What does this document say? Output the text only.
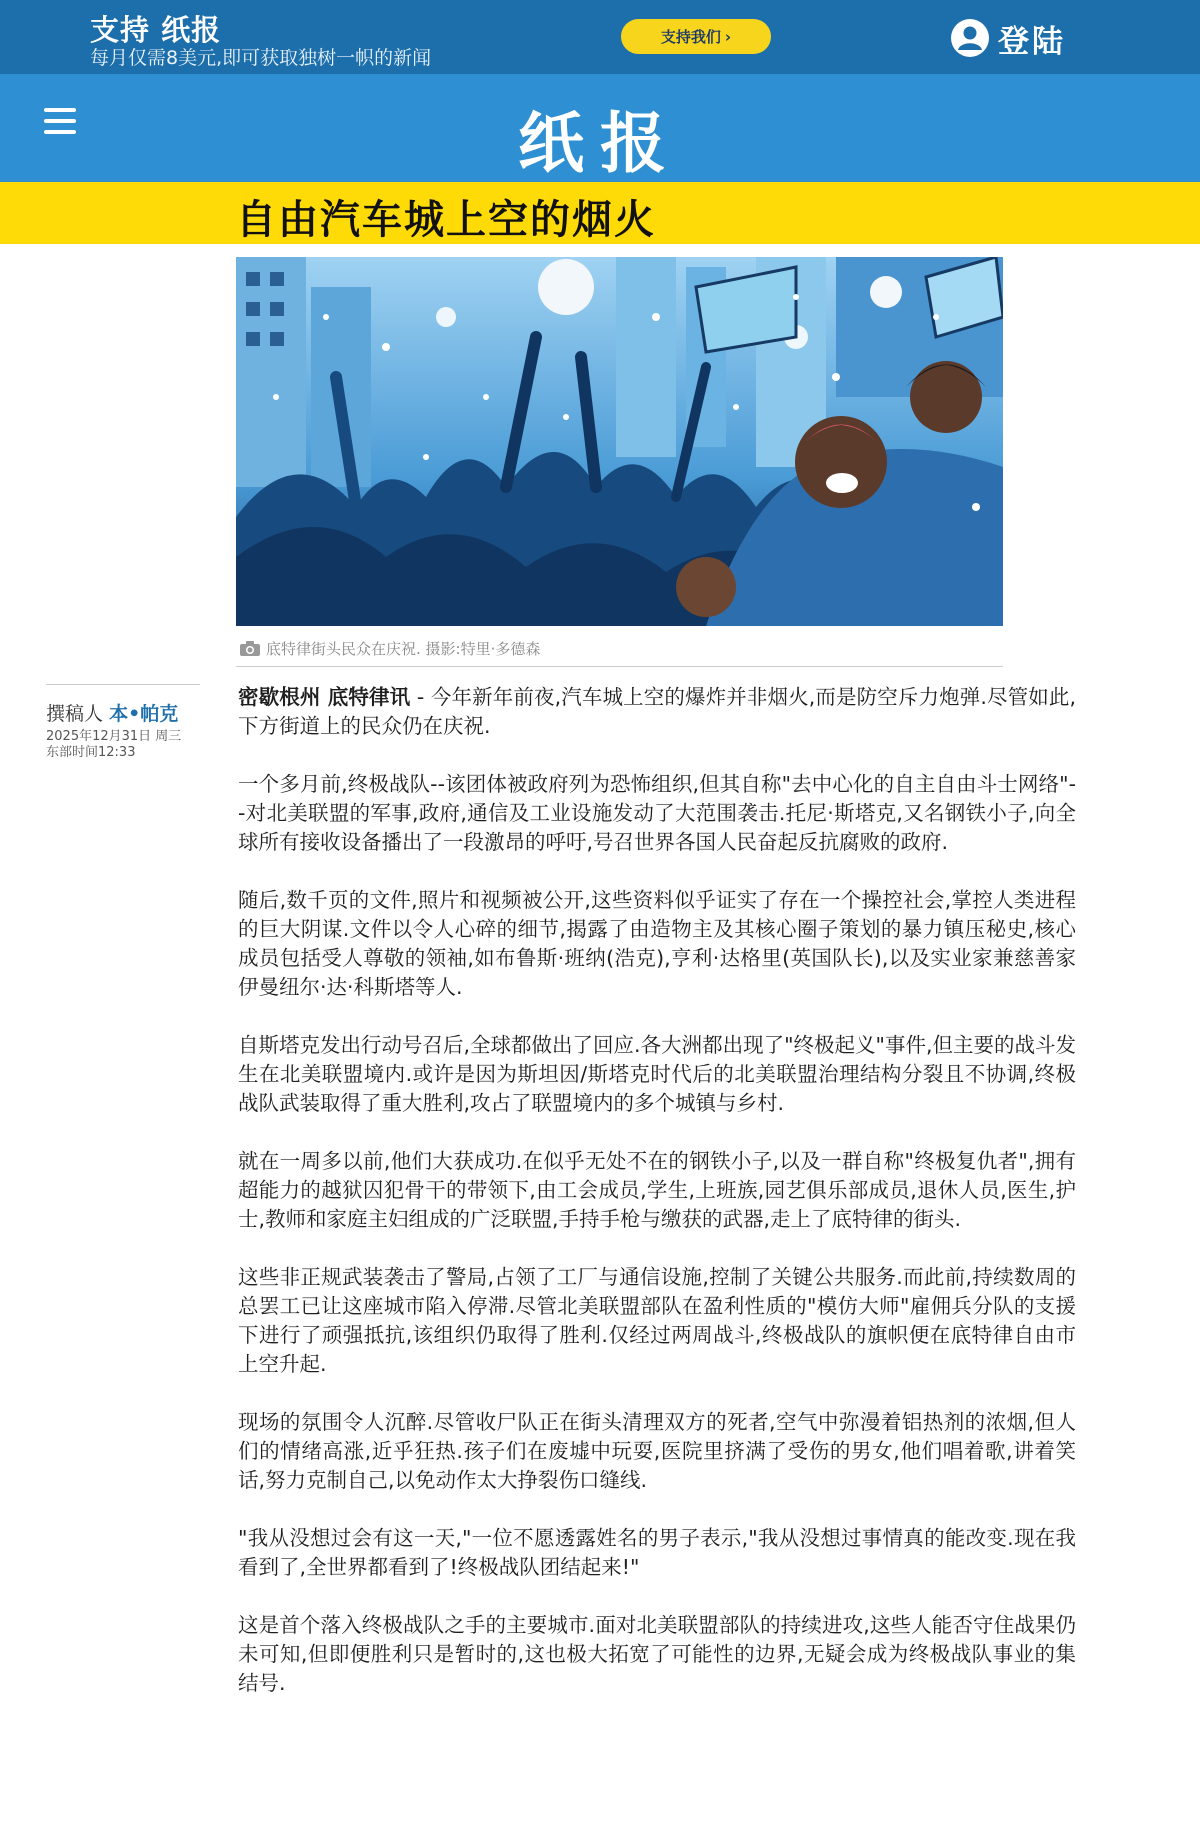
支持 纸报
每月仅需8美元,即可获取独树一帜的新闻
支持我们 ›	登陆
纸报
自由汽车城上空的烟火
底特律街头民众在庆祝. 摄影:特里·多德森
撰稿人 本•帕克
2025年12月31日 周三
东部时间12:33

密歇根州 底特律讯 - 今年新年前夜,汽车城上空的爆炸并非烟火,而是防空斥力炮弹.尽管如此,下方街道上的民众仍在庆祝.

一个多月前,终极战队--该团体被政府列为恐怖组织,但其自称"去中心化的自主自由斗士网络"--对北美联盟的军事,政府,通信及工业设施发动了大范围袭击.托尼·斯塔克,又名钢铁小子,向全球所有接收设备播出了一段激昂的呼吁,号召世界各国人民奋起反抗腐败的政府.

随后,数千页的文件,照片和视频被公开,这些资料似乎证实了存在一个操控社会,掌控人类进程的巨大阴谋.文件以令人心碎的细节,揭露了由造物主及其核心圈子策划的暴力镇压秘史,核心成员包括受人尊敬的领袖,如布鲁斯·班纳(浩克),亨利·达格里(英国队长),以及实业家兼慈善家伊曼纽尔·达·科斯塔等人.

自斯塔克发出行动号召后,全球都做出了回应.各大洲都出现了"终极起义"事件,但主要的战斗发生在北美联盟境内.或许是因为斯坦因/斯塔克时代后的北美联盟治理结构分裂且不协调,终极战队武装取得了重大胜利,攻占了联盟境内的多个城镇与乡村.

就在一周多以前,他们大获成功.在似乎无处不在的钢铁小子,以及一群自称"终极复仇者",拥有超能力的越狱囚犯骨干的带领下,由工会成员,学生,上班族,园艺俱乐部成员,退休人员,医生,护士,教师和家庭主妇组成的广泛联盟,手持手枪与缴获的武器,走上了底特律的街头.

这些非正规武装袭击了警局,占领了工厂与通信设施,控制了关键公共服务.而此前,持续数周的总罢工已让这座城市陷入停滞.尽管北美联盟部队在盈利性质的"模仿大师"雇佣兵分队的支援下进行了顽强抵抗,该组织仍取得了胜利.仅经过两周战斗,终极战队的旗帜便在底特律自由市上空升起.

现场的氛围令人沉醉.尽管收尸队正在街头清理双方的死者,空气中弥漫着铝热剂的浓烟,但人们的情绪高涨,近乎狂热.孩子们在废墟中玩耍,医院里挤满了受伤的男女,他们唱着歌,讲着笑话,努力克制自己,以免动作太大挣裂伤口缝线.

"我从没想过会有这一天,"一位不愿透露姓名的男子表示,"我从没想过事情真的能改变.现在我看到了,全世界都看到了!终极战队团结起来!"

这是首个落入终极战队之手的主要城市.面对北美联盟部队的持续进攻,这些人能否守住战果仍未可知,但即便胜利只是暂时的,这也极大拓宽了可能性的边界,无疑会成为终极战队事业的集结号.
